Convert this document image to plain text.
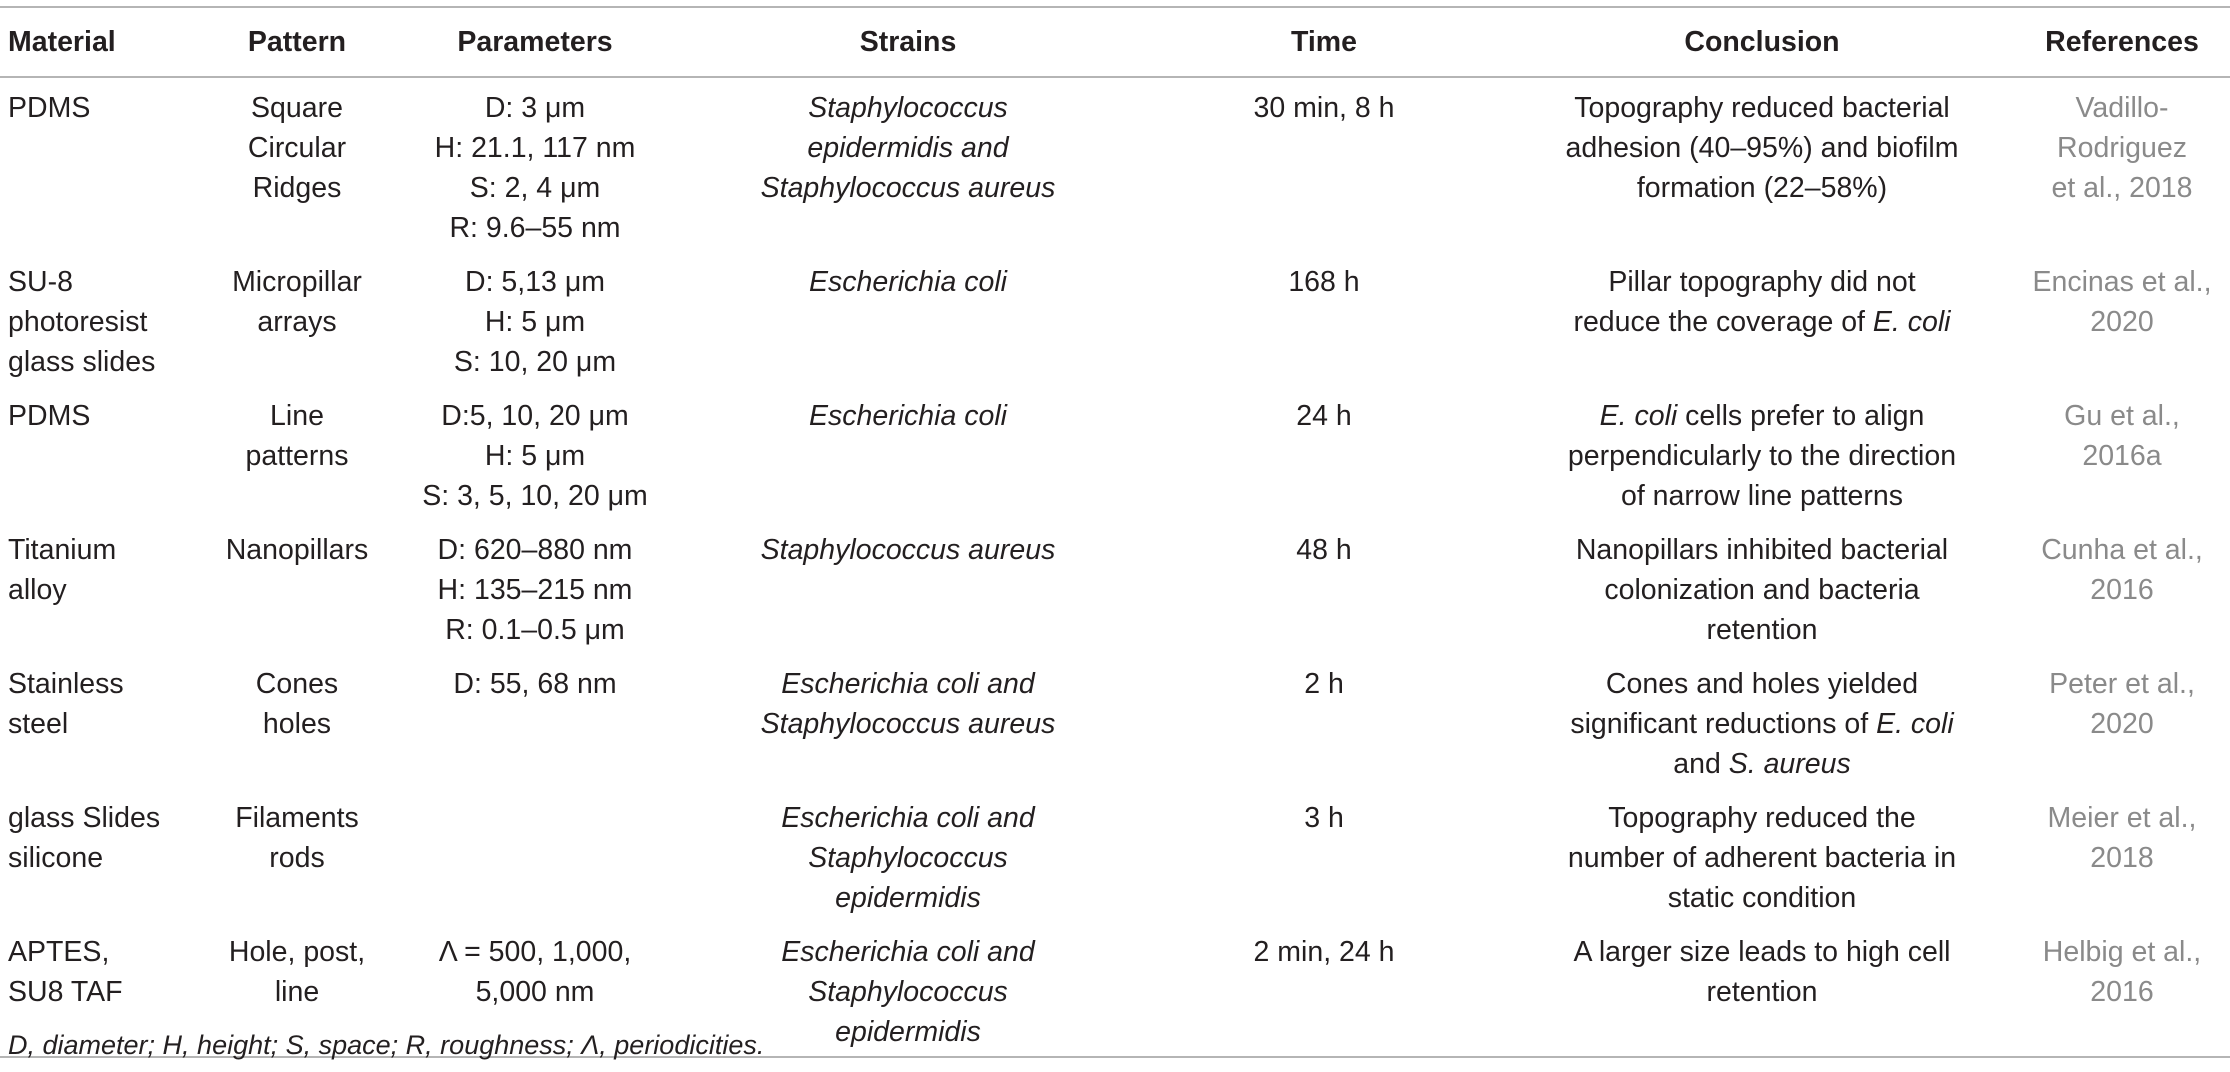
Material	Pattern	Parameters	Strains	Time	Conclusion	References

PDMS	Square
Circular
Ridges	D: 3 μm
H: 21.1, 117 nm
S: 2, 4 μm
R: 9.6–55 nm	Staphylococcus
epidermidis and
Staphylococcus aureus	30 min, 8 h	Topography reduced bacterial
adhesion (40–95%) and biofilm
formation (22–58%)	Vadillo-
Rodriguez
et al., 2018

SU-8
photoresist
glass slides	Micropillar
arrays	D: 5,13 μm
H: 5 μm
S: 10, 20 μm	Escherichia coli	168 h	Pillar topography did not
reduce the coverage of E. coli	Encinas et al.,
2020

PDMS	Line
patterns	D:5, 10, 20 μm
H: 5 μm
S: 3, 5, 10, 20 μm	Escherichia coli	24 h	E. coli cells prefer to align
perpendicularly to the direction
of narrow line patterns	Gu et al.,
2016a

Titanium
alloy	Nanopillars	D: 620–880 nm
H: 135–215 nm
R: 0.1–0.5 μm	Staphylococcus aureus	48 h	Nanopillars inhibited bacterial
colonization and bacteria
retention	Cunha et al.,
2016

Stainless
steel	Cones
holes	D: 55, 68 nm	Escherichia coli and
Staphylococcus aureus	2 h	Cones and holes yielded
significant reductions of E. coli
and S. aureus	Peter et al.,
2020

glass Slides
silicone	Filaments
rods		Escherichia coli and
Staphylococcus
epidermidis	3 h	Topography reduced the
number of adherent bacteria in
static condition	Meier et al.,
2018

APTES,
SU8 TAF	Hole, post,
line	Λ = 500, 1,000,
5,000 nm	Escherichia coli and
Staphylococcus
epidermidis	2 min, 24 h	A larger size leads to high cell
retention	Helbig et al.,
2016
D, diameter; H, height; S, space; R, roughness; Λ, periodicities.
